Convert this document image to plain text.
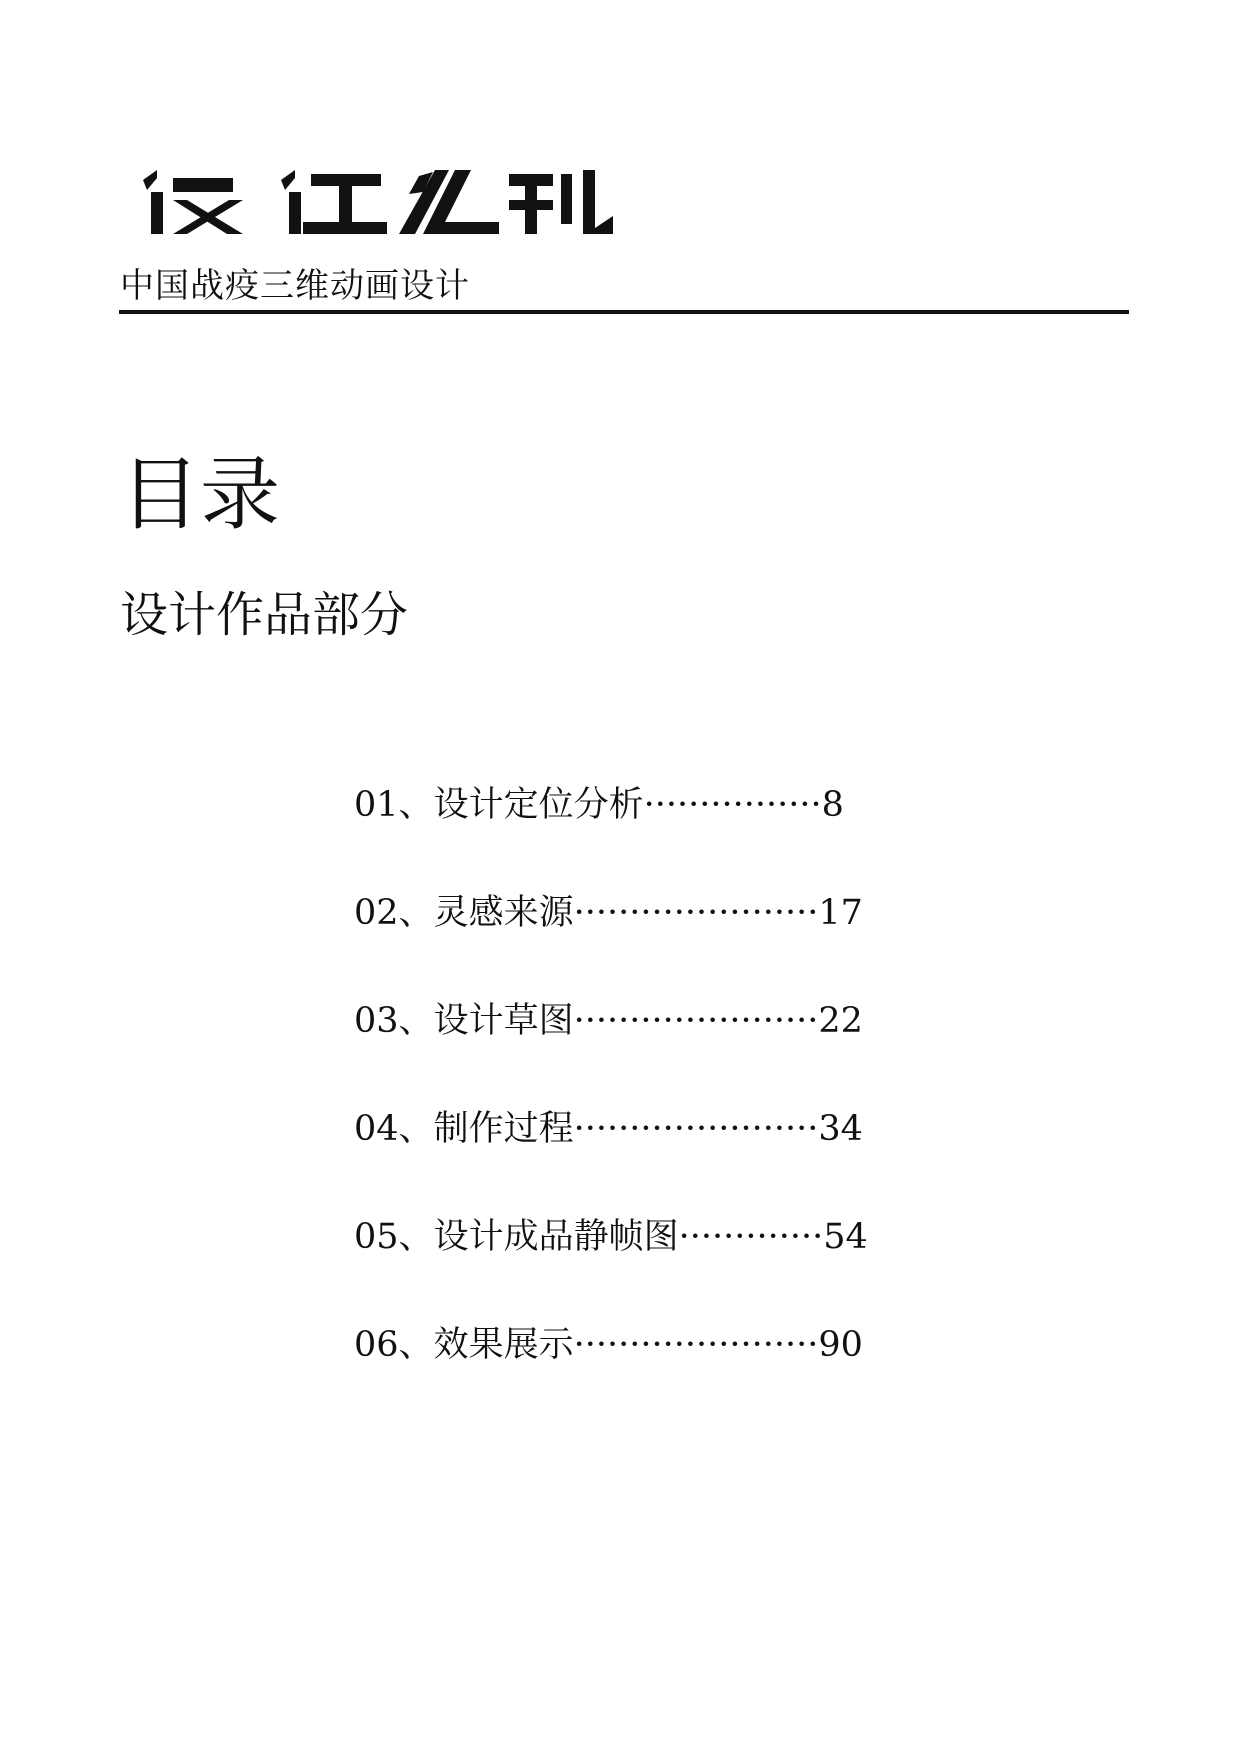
中国战疫三维动画设计
目录
设计作品部分
01、设计定位分析················8
02、灵感来源······················17
03、设计草图······················22
04、制作过程······················34
05、设计成品静帧图·············54
06、效果展示······················90
